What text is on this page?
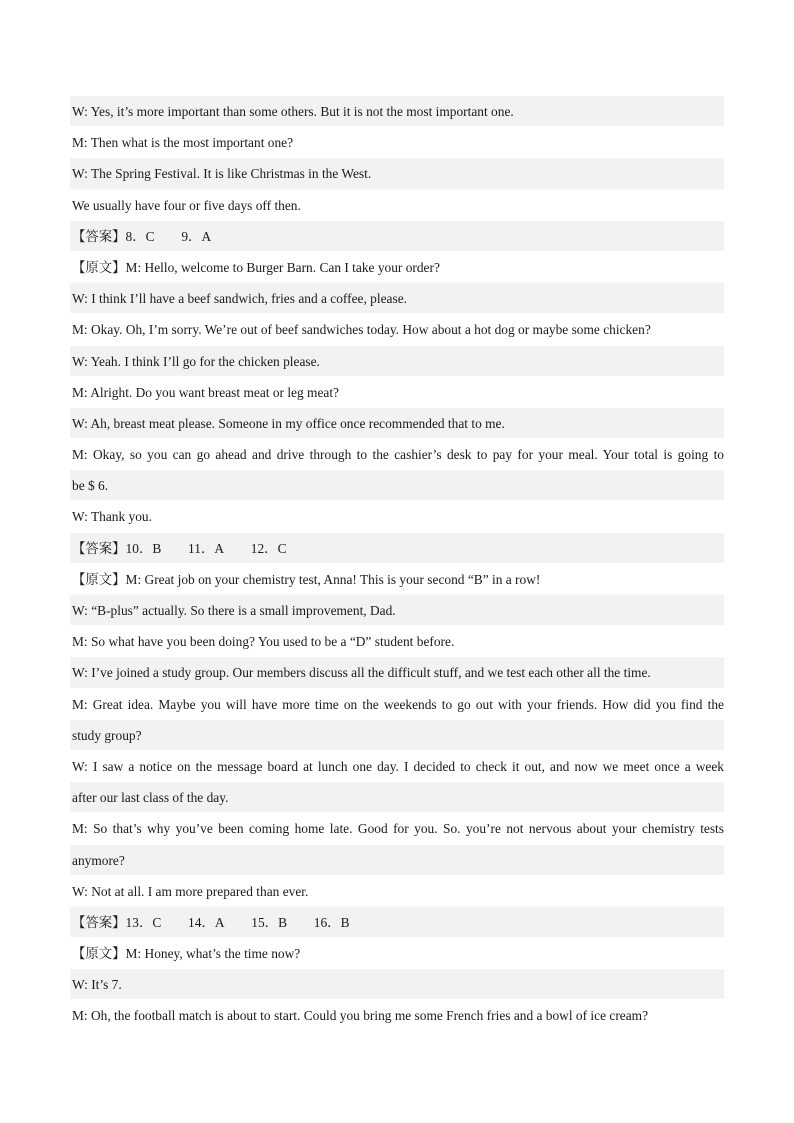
W: Yes, it’s more important than some others. But it is not the most important one.
M: Then what is the most important one?
W: The Spring Festival. It is like Christmas in the West.
We usually have four or five days off then.
【答案】8．C        9．A
【原文】M: Hello, welcome to Burger Barn. Can I take your order?
W: I think I’ll have a beef sandwich, fries and a coffee, please.
M: Okay. Oh, I’m sorry. We’re out of beef sandwiches today. How about a hot dog or maybe some chicken?
W: Yeah. I think I’ll go for the chicken please.
M: Alright. Do you want breast meat or leg meat?
W: Ah, breast meat please. Someone in my office once recommended that to me.
M: Okay, so you can go ahead and drive through to the cashier’s desk to pay for your meal. Your total is going to
be $ 6.
W: Thank you.
【答案】10．B        11．A        12．C
【原文】M: Great job on your chemistry test, Anna! This is your second “B” in a row!
W: “B-plus” actually. So there is a small improvement, Dad.
M: So what have you been doing? You used to be a “D” student before.
W: I’ve joined a study group. Our members discuss all the difficult stuff, and we test each other all the time.
M: Great idea. Maybe you will have more time on the weekends to go out with your friends. How did you find the
study group?
W: I saw a notice on the message board at lunch one day. I decided to check it out, and now we meet once a week
after our last class of the day.
M: So that’s why you’ve been coming home late. Good for you. So. you’re not nervous about your chemistry tests
anymore?
W: Not at all. I am more prepared than ever.
【答案】13．C        14．A        15．B        16．B
【原文】M: Honey, what’s the time now?
W: It’s 7.
M: Oh, the football match is about to start. Could you bring me some French fries and a bowl of ice cream?
